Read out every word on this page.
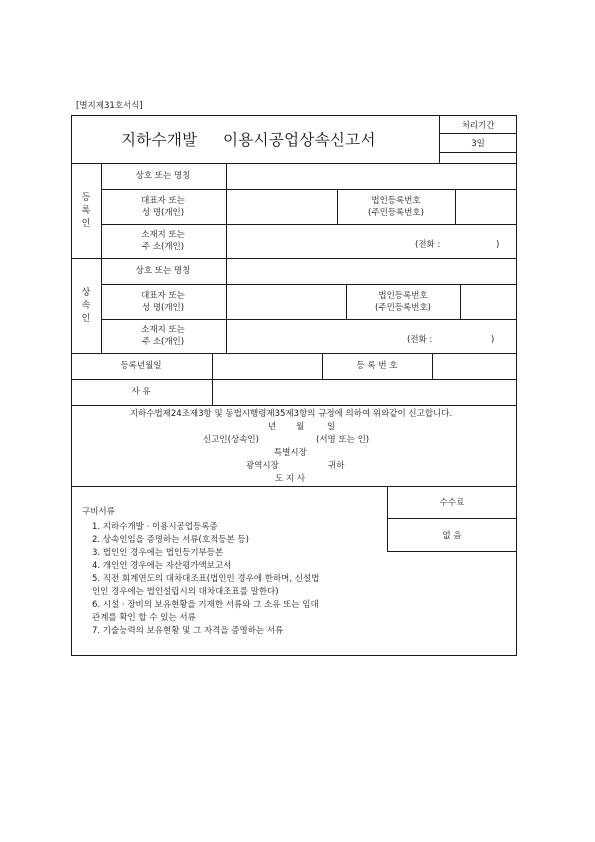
[별지제31호서식]
지하수개발 이용시공업상속신고서
처리기간
3일
등록인
상호 또는 명칭
대표자 또는
성 명(개인)
법인등록번호
(주민등록번호)
소재지 또는
주 소(개인)	(전화 :	)
상속인
상호 또는 명칭
대표자 또는
성 명(개인)
법인등록번호
(주민등록번호)
소재지 또는
주 소(개인)	(전화 :	)
등록년월일	등 록 번 호
사 유
지하수법제24조제3항 및 동법시행령제35제3항의 규정에 의하여 위와같이 신고합니다.
년 월	일
신고인(상속인)	(서명 또는 인)
특별시장
광역시장	귀하
도 지 사
구비서류
1. 지하수개발 · 이용시공업등록증
2. 상속인임을 증명하는 서류(호적등본 등)
3. 법인인 경우에는 법인등기부등본
4. 개인인 경우에는 자산평가액보고서
5. 직전 회계연도의 대차대조표(법인인 경우에 한하며, 신설법
인인 경우에는 법인설립시의 대차대조표를 말한다)
6. 시설 · 장비의 보유현황을 기재한 서류와 그 소유 또는 임대
관계를 확인 할 수 있는 서류
7. 기술능력의 보유현황 및 그 자격을 증명하는 서류
수수료
없 음
